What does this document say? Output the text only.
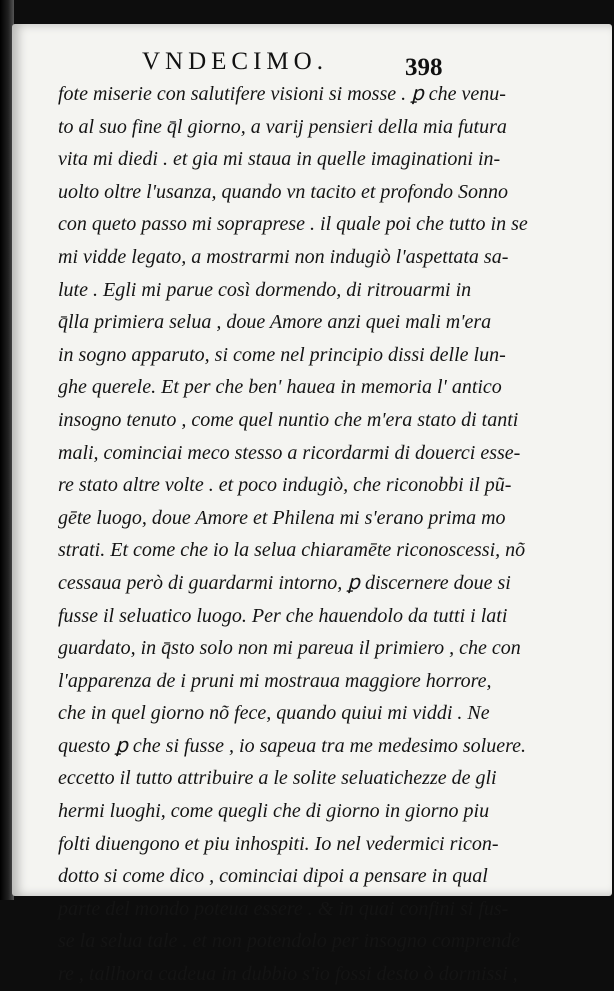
VNDECIMO.	398
fote miserie con salutifere visioni si mosse . ꝑ che venu-
to al suo fine q̄l giorno, a varij pensieri della mia futura
vita mi diedi . et gia mi staua in quelle imaginationi in-
uolto oltre l'usanza, quando vn tacito et profondo Sonno
con queto passo mi sopraprese . il quale poi che tutto in se
mi vidde legato, a mostrarmi non indugiò l'aspettata sa-
lute . Egli mi parue così dormendo, di ritrouarmi in
q̄lla primiera selua , doue Amore anzi quei mali m'era
in sogno apparuto, si come nel principio dissi delle lun-
ghe querele. Et per che ben' hauea in memoria l' antico
insogno tenuto , come quel nuntio che m'era stato di tanti
mali, cominciai meco stesso a ricordarmi di douerci esse-
re stato altre volte . et poco indugiò, che riconobbi il pũ-
gēte luogo, doue Amore et Philena mi s'erano prima mo
strati. Et come che io la selua chiaramēte riconoscessi, nõ
cessaua però di guardarmi intorno, ꝑ discernere doue si
fusse il seluatico luogo. Per che hauendolo da tutti i lati
guardato, in q̄sto solo non mi pareua il primiero , che con
l'apparenza de i pruni mi mostraua maggiore horrore,
che in quel giorno nõ fece, quando quiui mi viddi . Ne
questo ꝑ che si fusse , io sapeua tra me medesimo soluere.
eccetto il tutto attribuire a le solite seluatichezze de gli
hermi luoghi, come quegli che di giorno in giorno piu
folti diuengono et piu inhospiti. Io nel vedermici ricon-
dotto si come dico , cominciai dipoi a pensare in qual
parte del mondo poteua essere . & in quai confini si fus-
se la selua tale . et non potendolo per insogno comprende
re , tallhora cadeua in dubbio s'io fossi desto ò dormissi ,
